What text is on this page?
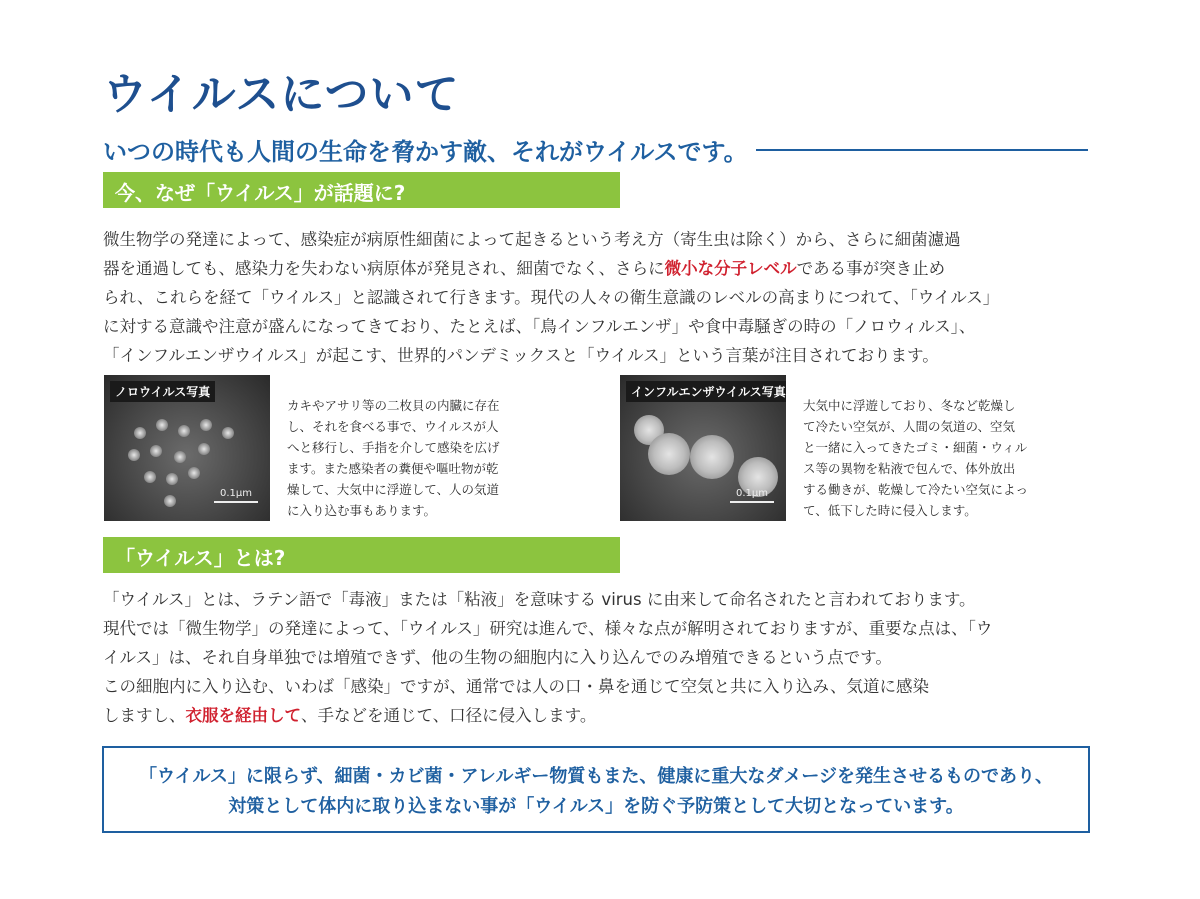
ウイルスについて
いつの時代も人間の生命を脅かす敵、それがウイルスです。
今、なぜ「ウイルス」が話題に?

微生物学の発達によって、感染症が病原性細菌によって起きるという考え方（寄生虫は除く）から、さらに細菌濾過

器を通過しても、感染力を失わない病原体が発見され、細菌でなく、さらに微小な分子レベルである事が突き止め

られ、これらを経て「ウイルス」と認識されて行きます。現代の人々の衛生意識のレベルの高まりにつれて、「ウイルス」

に対する意識や注意が盛んになってきており、たとえば、「鳥インフルエンザ」や食中毒騒ぎの時の「ノロウィルス」、

「インフルエンザウイルス」が起こす、世界的パンデミックスと「ウイルス」という言葉が注目されております。

ノロウイルス写真
0.1μm

カキやアサリ等の二枚貝の内臓に存在

し、それを食べる事で、ウイルスが人

へと移行し、手指を介して感染を広げ

ます。また感染者の糞便や嘔吐物が乾

燥して、大気中に浮遊して、人の気道

に入り込む事もあります。

インフルエンザウイルス写真
0.1μm

大気中に浮遊しており、冬など乾燥し

て冷たい空気が、人間の気道の、空気

と一緒に入ってきたゴミ・細菌・ウィル

ス等の異物を粘液で包んで、体外放出

する働きが、乾燥して冷たい空気によっ

て、低下した時に侵入します。

「ウイルス」とは?

「ウイルス」とは、ラテン語で「毒液」または「粘液」を意味する virus に由来して命名されたと言われております。

現代では「微生物学」の発達によって、「ウイルス」研究は進んで、様々な点が解明されておりますが、重要な点は、「ウ

イルス」は、それ自身単独では増殖できず、他の生物の細胞内に入り込んでのみ増殖できるという点です。

この細胞内に入り込む、いわば「感染」ですが、通常では人の口・鼻を通じて空気と共に入り込み、気道に感染

しますし、衣服を経由して、手などを通じて、口径に侵入します。

「ウイルス」に限らず、細菌・カビ菌・アレルギー物質もまた、健康に重大なダメージを発生させるものであり、

対策として体内に取り込まない事が「ウイルス」を防ぐ予防策として大切となっています。
